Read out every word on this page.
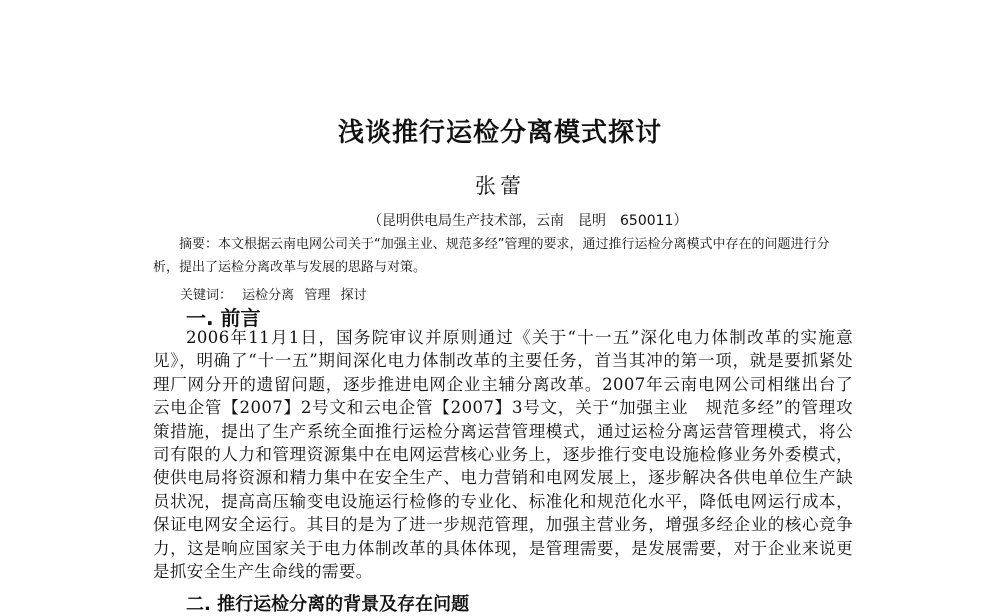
浅谈推行运检分离模式探讨
张蕾
（昆明供电局生产技术部，云南　昆明　650011）
摘要：本文根据云南电网公司关于“加强主业、规范多经”管理的要求，通过推行运检分离模式中存在的问题进行分析，提出了运检分离改革与发展的思路与对策。
关键词： 运检分离 管理 探讨
一. 前言
2006年11月1日，国务院审议并原则通过《关于“十一五”深化电力体制改革的实施意见》，明确了“十一五”期间深化电力体制改革的主要任务，首当其冲的第一项，就是要抓紧处理厂网分开的遗留问题，逐步推进电网企业主辅分离改革。2007年云南电网公司相继出台了云电企管【2007】2号文和云电企管【2007】3号文，关于“加强主业　规范多经”的管理攻策措施，提出了生产系统全面推行运检分离运营管理模式，通过运检分离运营管理模式，将公司有限的人力和管理资源集中在电网运营核心业务上，逐步推行变电设施检修业务外委模式，使供电局将资源和精力集中在安全生产、电力营销和电网发展上，逐步解决各供电单位生产缺员状况，提高高压输变电设施运行检修的专业化、标准化和规范化水平，降低电网运行成本，保证电网安全运行。其目的是为了进一步规范管理，加强主营业务，增强多经企业的核心竞争力，这是响应国家关于电力体制改革的具体体现，是管理需要，是发展需要，对于企业来说更是抓安全生产生命线的需要。
二. 推行运检分离的背景及存在问题
